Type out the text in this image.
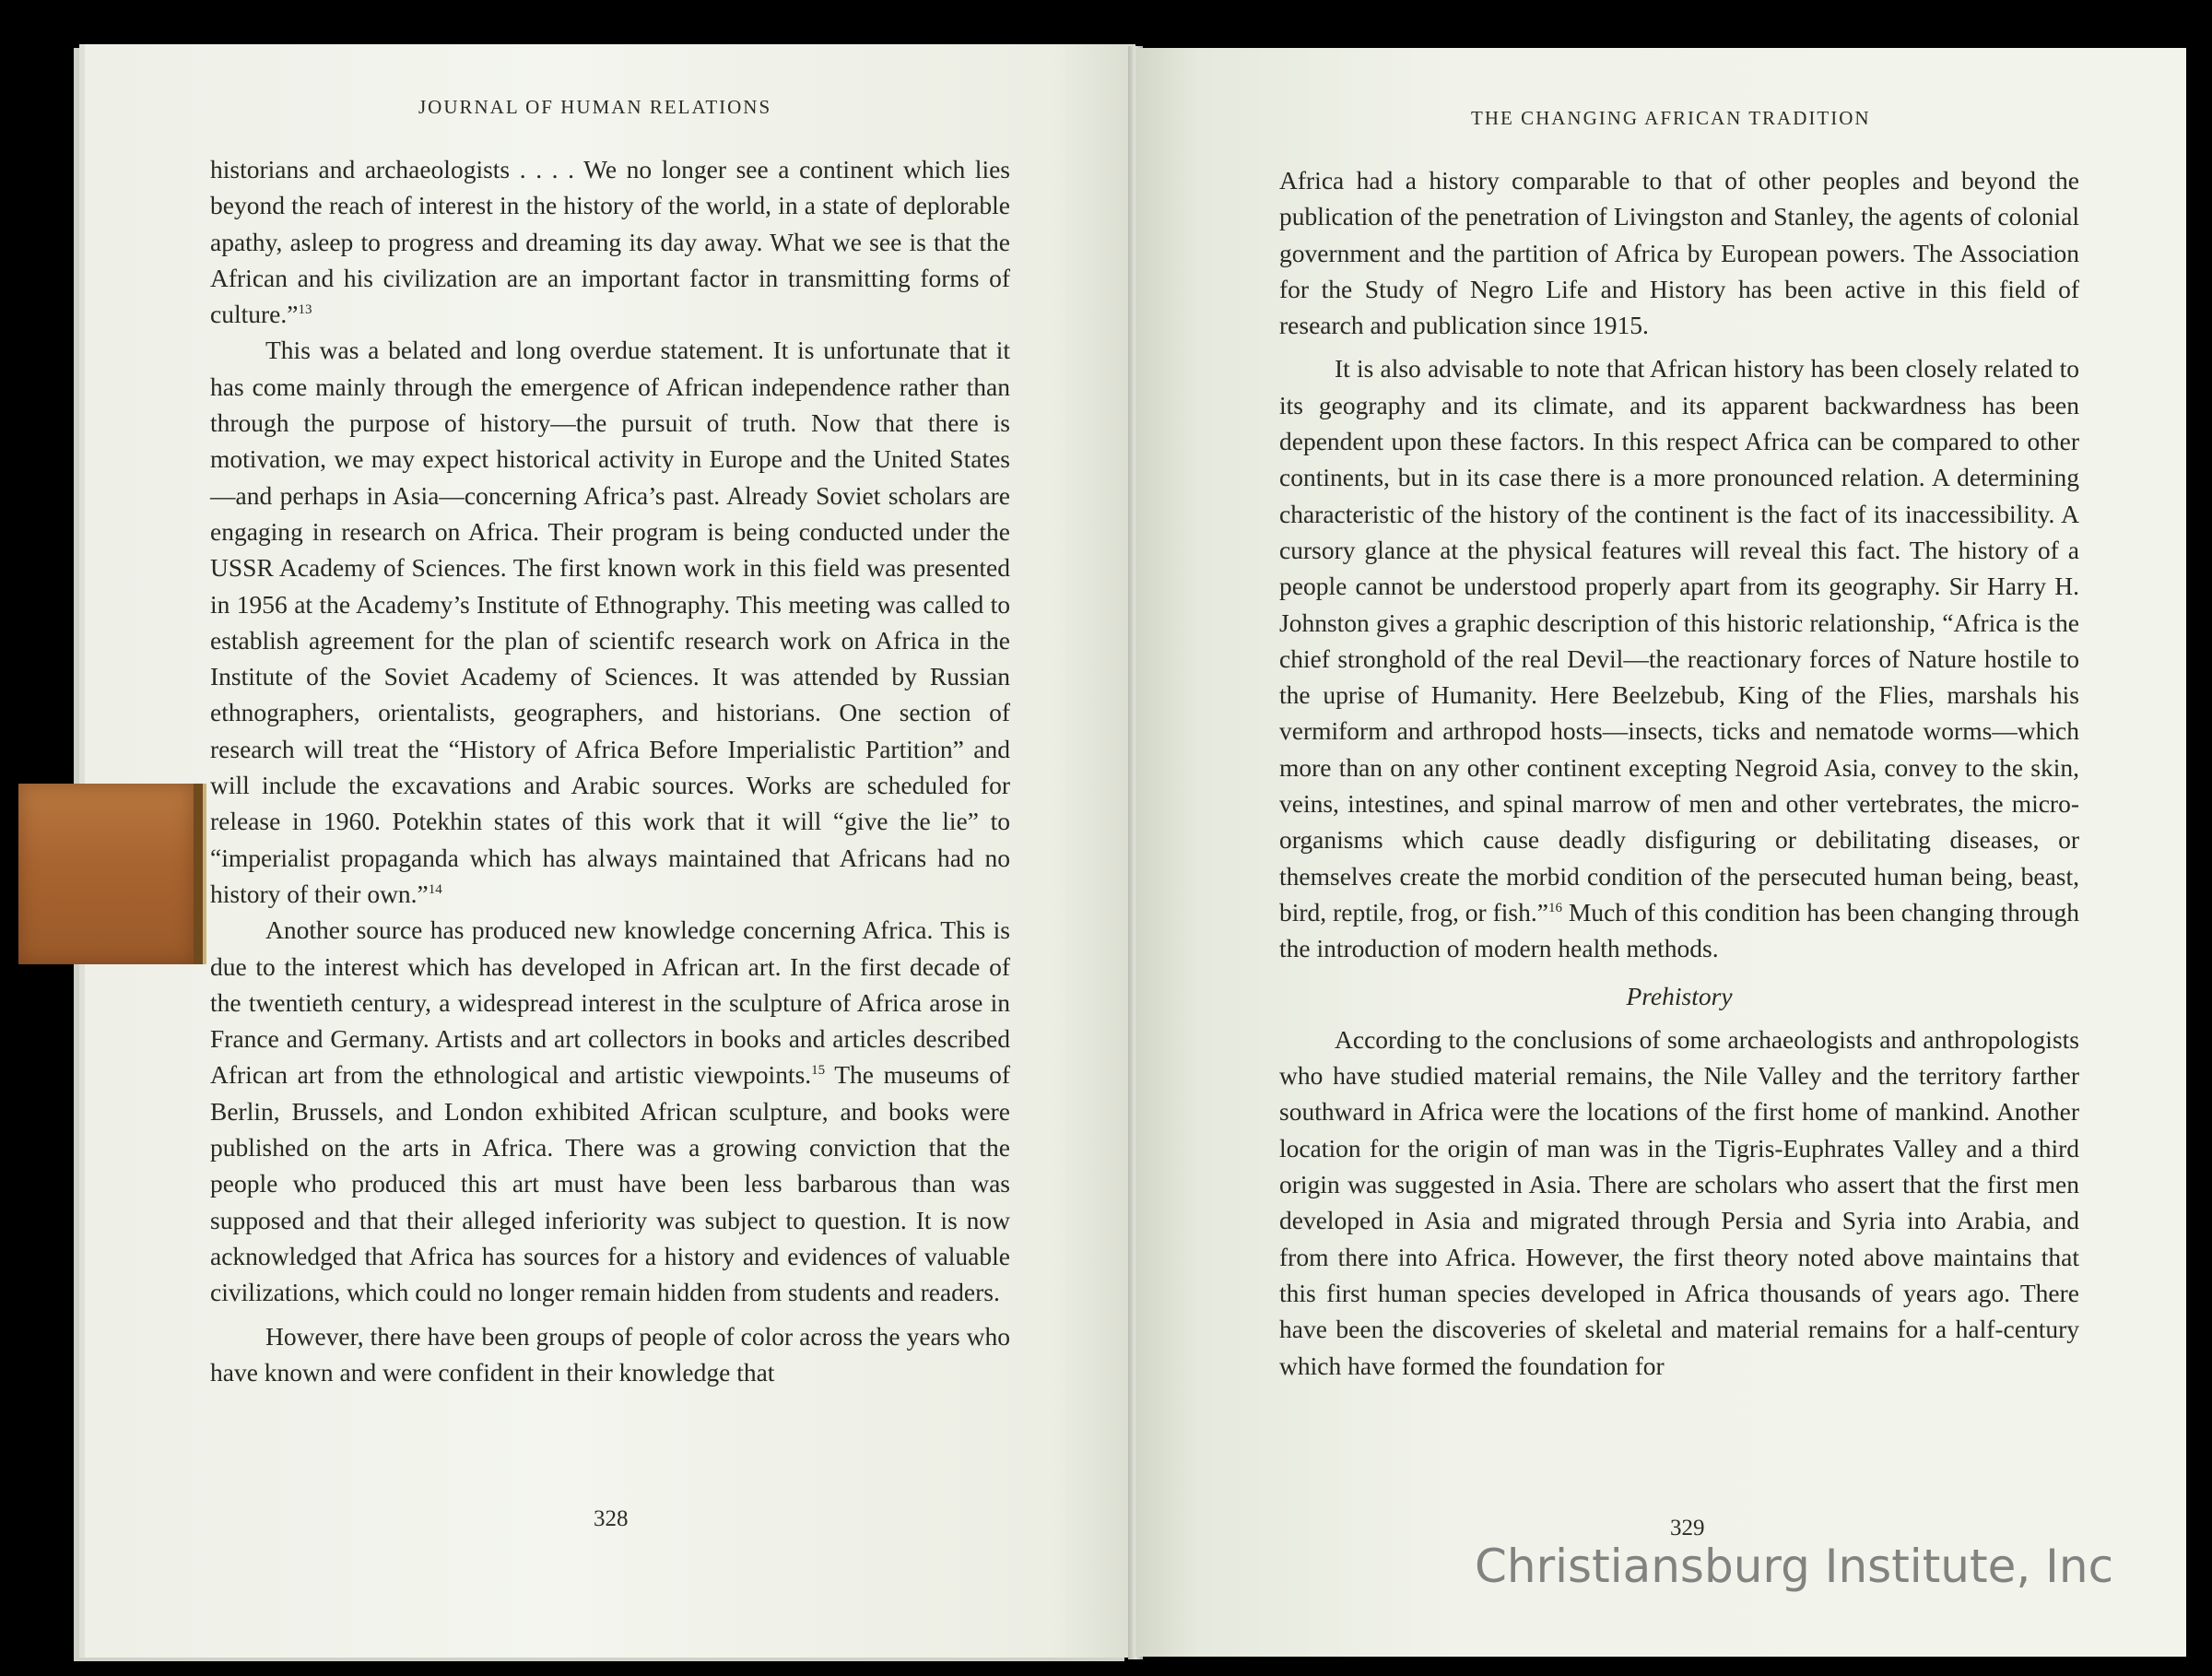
JOURNAL OF HUMAN RELATIONS

historians and archaeologists . . . . We no longer see a continent which lies beyond the reach of interest in the history of the world, in a state of deplorable apathy, asleep to progress and dreaming its day away. What we see is that the African and his civilization are an important factor in transmitting forms of culture.”$^{13}$

This was a belated and long overdue statement. It is unfortunate that it has come mainly through the emergence of African independence rather than through the purpose of history—the pursuit of truth. Now that there is motivation, we may expect historical activity in Europe and the United States—and perhaps in Asia—concerning Africa’s past. Already Soviet scholars are engaging in research on Africa. Their program is being conducted under the USSR Academy of Sciences. The first known work in this field was presented in 1956 at the Academy’s Institute of Ethnography. This meeting was called to establish agreement for the plan of scientifc research work on Africa in the Institute of the Soviet Academy of Sciences. It was attended by Russian ethnographers, orientalists, geographers, and historians. One section of research will treat the “History of Africa Before Imperialistic Partition” and will include the excavations and Arabic sources. Works are scheduled for release in 1960. Potekhin states of this work that it will “give the lie” to “imperialist propaganda which has always maintained that Africans had no history of their own.”$^{14}$

Another source has produced new knowledge concerning Africa. This is due to the interest which has developed in African art. In the first decade of the twentieth century, a widespread interest in the sculpture of Africa arose in France and Germany. Artists and art collectors in books and articles described African art from the ethnological and artistic viewpoints.$^{15}$ The museums of Berlin, Brussels, and London exhibited African sculpture, and books were published on the arts in Africa. There was a growing conviction that the people who produced this art must have been less barbarous than was supposed and that their alleged inferiority was subject to question. It is now acknowledged that Africa has sources for a history and evidences of valuable civilizations, which could no longer remain hidden from students and readers.

However, there have been groups of people of color across the years who have known and were confident in their knowledge that

328
THE CHANGING AFRICAN TRADITION

Africa had a history comparable to that of other peoples and beyond the publication of the penetration of Livingston and Stanley, the agents of colonial government and the partition of Africa by European powers. The Association for the Study of Negro Life and History has been active in this field of research and publication since 1915.

It is also advisable to note that African history has been closely related to its geography and its climate, and its apparent backwardness has been dependent upon these factors. In this respect Africa can be compared to other continents, but in its case there is a more pronounced relation. A determining characteristic of the history of the continent is the fact of its inaccessibility. A cursory glance at the physical features will reveal this fact. The history of a people cannot be understood properly apart from its geography. Sir Harry H. Johnston gives a graphic description of this historic relationship, “Africa is the chief stronghold of the real Devil—the reactionary forces of Nature hostile to the uprise of Humanity. Here Beelzebub, King of the Flies, marshals his vermiform and arthropod hosts—insects, ticks and nematode worms—which more than on any other continent excepting Negroid Asia, convey to the skin, veins, intestines, and spinal marrow of men and other vertebrates, the micro-organisms which cause deadly disfiguring or debilitating diseases, or themselves create the morbid condition of the persecuted human being, beast, bird, reptile, frog, or fish.”$^{16}$ Much of this condition has been changing through the introduction of modern health methods.

Prehistory

According to the conclusions of some archaeologists and anthropologists who have studied material remains, the Nile Valley and the territory farther southward in Africa were the locations of the first home of mankind. Another location for the origin of man was in the Tigris-Euphrates Valley and a third origin was suggested in Asia. There are scholars who assert that the first men developed in Asia and migrated through Persia and Syria into Arabia, and from there into Africa. However, the first theory noted above maintains that this first human species developed in Africa thousands of years ago. There have been the discoveries of skeletal and material remains for a half-century which have formed the foundation for

329
Christiansburg Institute, Inc
